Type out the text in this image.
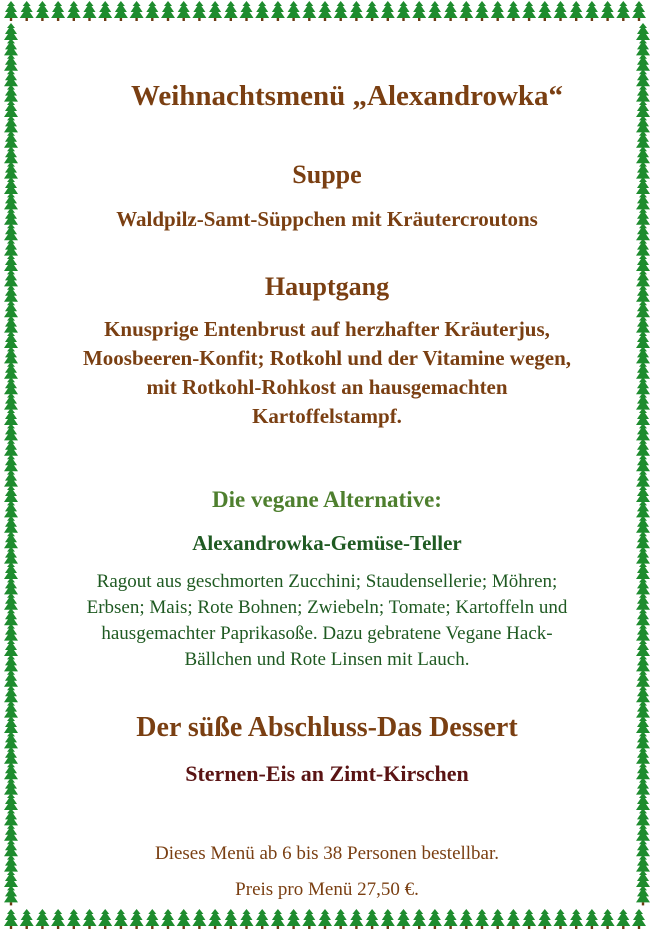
Weihnachtsmenü „Alexandrowka“
Suppe
Waldpilz-Samt-Süppchen mit Kräutercroutons
Hauptgang
Knusprige Entenbrust auf herzhafter Kräuterjus,
Moosbeeren-Konfit; Rotkohl und der Vitamine wegen,
mit Rotkohl-Rohkost an hausgemachten
Kartoffelstampf.
Die vegane Alternative:
Alexandrowka-Gemüse-Teller
Ragout aus geschmorten Zucchini; Staudensellerie; Möhren;
Erbsen; Mais; Rote Bohnen; Zwiebeln; Tomate; Kartoffeln und
hausgemachter Paprikasoße. Dazu gebratene Vegane Hack-
Bällchen und Rote Linsen mit Lauch.
Der süße Abschluss-Das Dessert
Sternen-Eis an Zimt-Kirschen
Dieses Menü ab 6 bis 38 Personen bestellbar.
Preis pro Menü 27,50 €.
